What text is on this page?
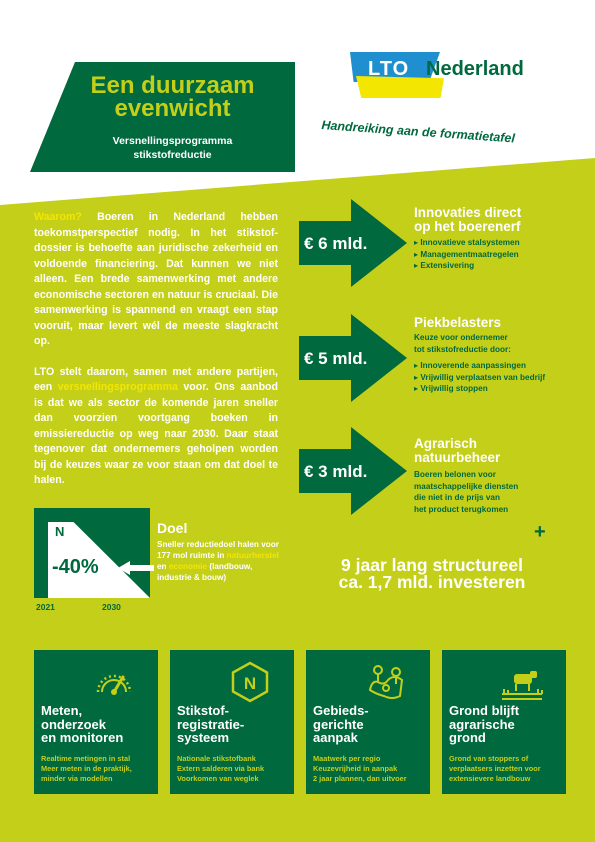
Een duurzaam
evenwicht
Versnellingsprogramma
stikstofreductie
LTO Nederland
Handreiking aan de formatietafel

Waarom? Boeren in Nederland hebben toekomstperspectief nodig. In het stikstof-dossier is behoefte aan juridische zekerheid en voldoende financiering. Dat kunnen we niet alleen. Een brede samenwerking met andere economische sectoren en natuur is cruciaal. Die samenwerking is spannend en vraagt een stap vooruit, maar levert wél de meeste slagkracht op.

LTO stelt daarom, samen met andere partijen, een versnellingsprogramma voor. Ons aanbod is dat we als sector de komende jaren sneller dan voorzien voortgang boeken in emissiereductie op weg naar 2030. Daar staat tegenover dat ondernemers geholpen worden bij de keuzes waar ze voor staan om dat doel te halen.

€ 6 mld.
Innovaties direct
op het boerenerf
▸ Innovatieve stalsystemen
▸ Managementmaatregelen
▸ Extensivering
€ 5 mld.
Piekbelasters
Keuze voor ondernemer
tot stikstofreductie door:
▸ Innoverende aanpassingen
▸ Vrijwillig verplaatsen van bedrijf
▸ Vrijwillig stoppen
€ 3 mld.
Agrarisch
natuurbeheer
Boeren belonen voor
maatschappelijke diensten
die niet in de prijs van
het product terugkomen
+
9 jaar lang structureel
ca. 1,7 mld. investeren
N
-40%
2021	2030
Doel
Sneller reductiedoel halen voor 177 mol ruimte in natuurherstel en economie (landbouw, industrie & bouw)
Meten,
onderzoek
en monitoren
Realtime metingen in stal
Meer meten in de praktijk,
minder via modellen
N
Stikstof-
registratie-
systeem
Nationale stikstofbank
Extern salderen via bank
Voorkomen van weglek
Gebieds-
gerichte
aanpak
Maatwerk per regio
Keuzevrijheid in aanpak
2 jaar plannen, dan uitvoer
Grond blijft
agrarische
grond
Grond van stoppers of
verplaatsers inzetten voor
extensievere landbouw
